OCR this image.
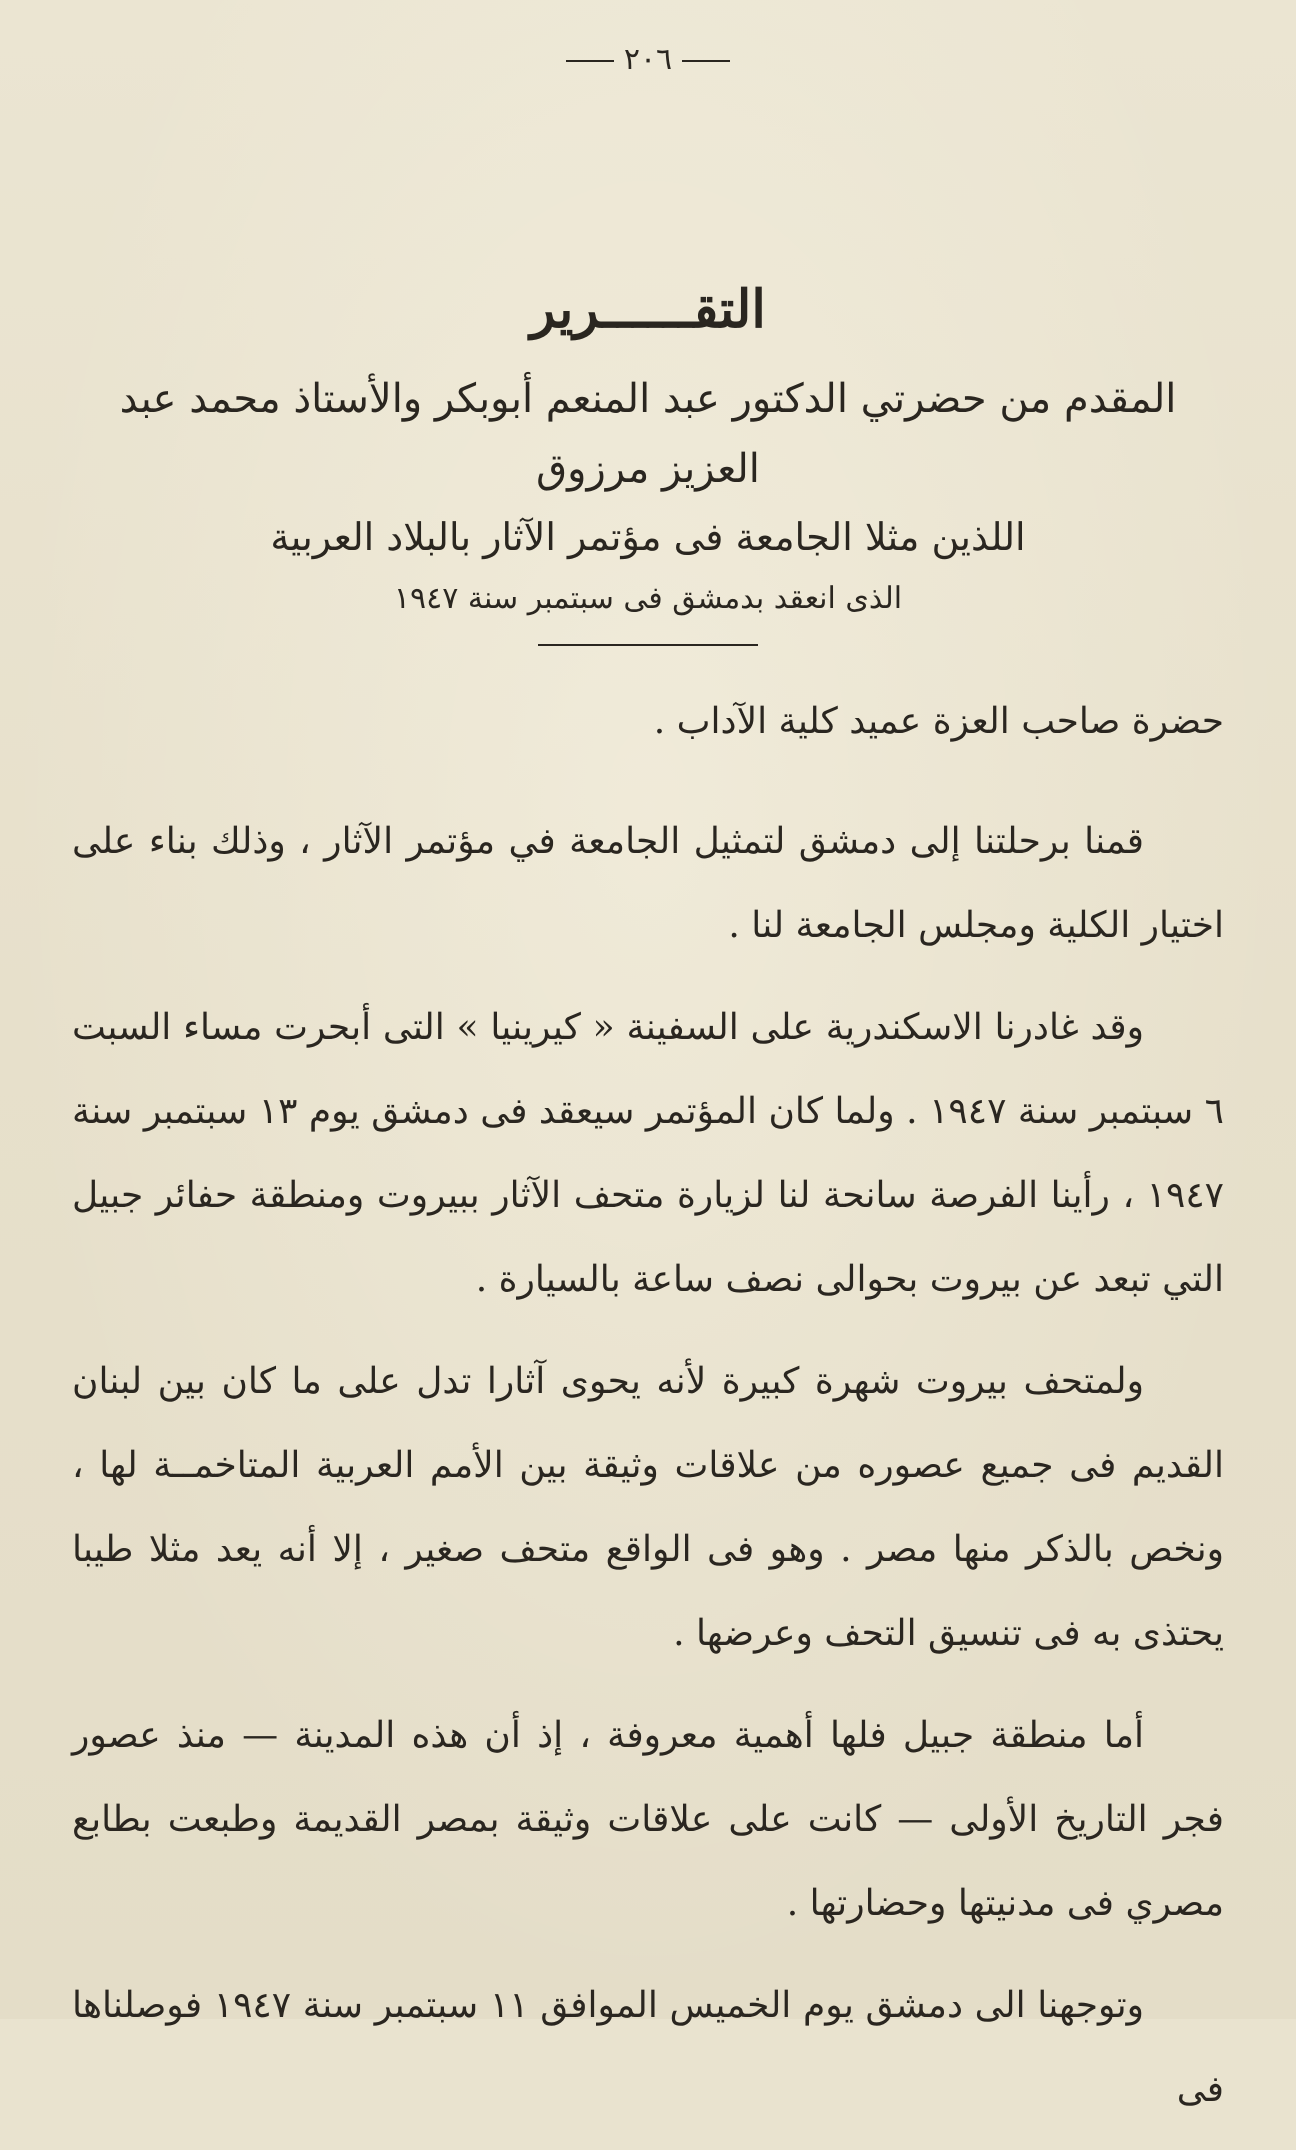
٢٠٦
التقــــــرير

المقدم من حضرتي الدكتور عبد المنعم أبوبكر والأستاذ محمد عبد العزيز مرزوق

اللذين مثلا الجامعة فى مؤتمر الآثار بالبلاد العربية

الذى انعقد بدمشق فى سبتمبر سنة ١٩٤٧

حضرة صاحب العزة عميد كلية الآداب .

قمنا برحلتنا إلى دمشق لتمثيل الجامعة في مؤتمر الآثار ، وذلك بناء على اختيار الكلية ومجلس الجامعة لنا .

وقد غادرنا الاسكندرية على السفينة « كيرينيا » التى أبحرت مساء السبت ٦ سبتمبر سنة ١٩٤٧ . ولما كان المؤتمر سيعقد فى دمشق يوم ١٣ سبتمبر سنة ١٩٤٧ ، رأينا الفرصة سانحة لنا لزيارة متحف الآثار ببيروت ومنطقة حفائر جبيل التي تبعد عن بيروت بحوالى نصف ساعة بالسيارة .

ولمتحف بيروت شهرة كبيرة لأنه يحوى آثارا تدل على ما كان بين لبنان القديم فى جميع عصوره من علاقات وثيقة بين الأمم العربية المتاخمــة لها ، ونخص بالذكر منها مصر . وهو فى الواقع متحف صغير ، إلا أنه يعد مثلا طيبا يحتذى به فى تنسيق التحف وعرضها .

أما منطقة جبيل فلها أهمية معروفة ، إذ أن هذه المدينة — منذ عصور فجر التاريخ الأولى — كانت على علاقات وثيقة بمصر القديمة وطبعت بطابع مصري فى مدنيتها وحضارتها .

وتوجهنا الى دمشق يوم الخميس الموافق ١١ سبتمبر سنة ١٩٤٧ فوصلناها فى
